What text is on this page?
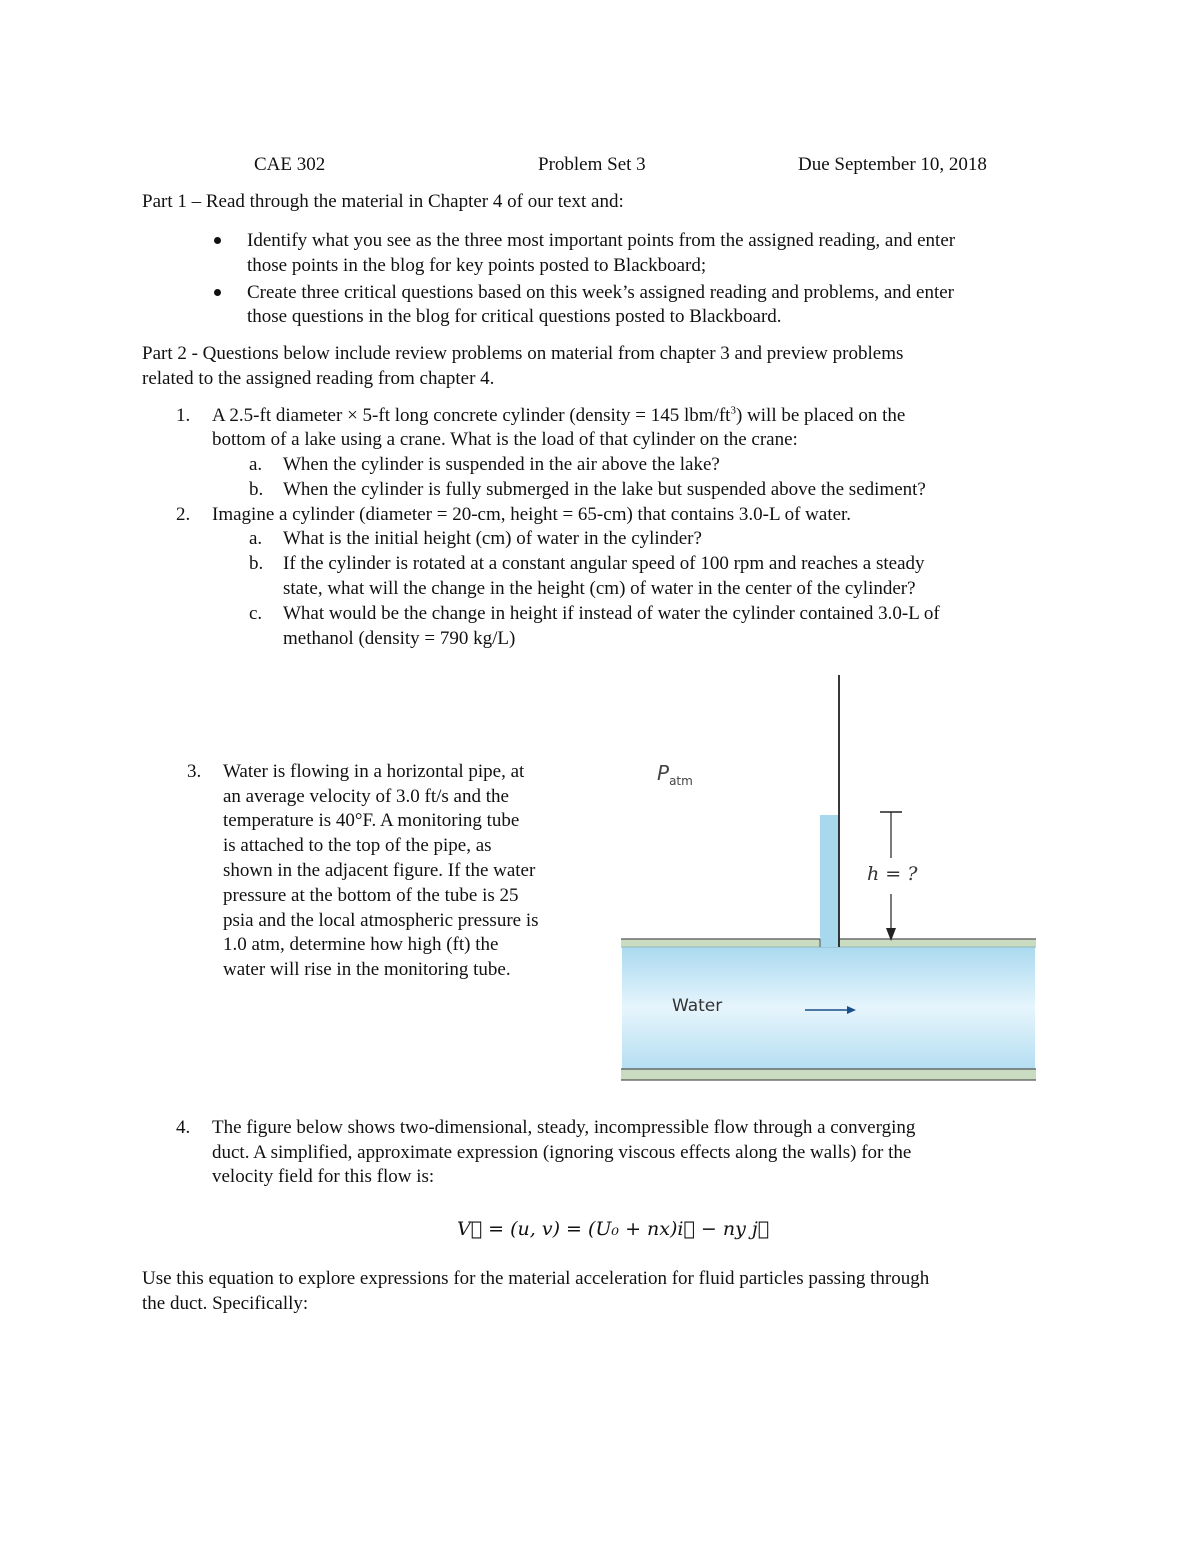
CAE 302	Problem Set 3	Due September 10, 2018
Part 1 – Read through the material in Chapter 4 of our text and:
Identify what you see as the three most important points from the assigned reading, and enter
those points in the blog for key points posted to Blackboard;
Create three critical questions based on this week’s assigned reading and problems, and enter
those questions in the blog for critical questions posted to Blackboard.
Part 2 - Questions below include review problems on material from chapter 3 and preview problems
related to the assigned reading from chapter 4.
1. A 2.5-ft diameter × 5-ft long concrete cylinder (density = 145 lbm/$ft^3$) will be placed on the
bottom of a lake using a crane. What is the load of that cylinder on the crane:
a. When the cylinder is suspended in the air above the lake?
b. When the cylinder is fully submerged in the lake but suspended above the sediment?
2. Imagine a cylinder (diameter = 20-cm, height = 65-cm) that contains 3.0-L of water.
a. What is the initial height (cm) of water in the cylinder?
b. If the cylinder is rotated at a constant angular speed of 100 rpm and reaches a steady
state, what will the change in the height (cm) of water in the center of the cylinder?
c. What would be the change in height if instead of water the cylinder contained 3.0-L of
methanol (density = 790 kg/L)
3. Water is flowing in a horizontal pipe, at
an average velocity of 3.0 ft/s and the
temperature is 40°F. A monitoring tube
is attached to the top of the pipe, as
shown in the adjacent figure. If the water
pressure at the bottom of the tube is 25
psia and the local atmospheric pressure is
1.0 atm, determine how high (ft) the
water will rise in the monitoring tube.
$P_{atm}$
h = ?
Water
4. The figure below shows two-dimensional, steady, incompressible flow through a converging
duct. A simplified, approximate expression (ignoring viscous effects along the walls) for the
velocity field for this flow is:
V⃗ = (u, v) = (U₀ + nx)i⃗ − ny j⃗
Use this equation to explore expressions for the material acceleration for fluid particles passing through
the duct. Specifically:
